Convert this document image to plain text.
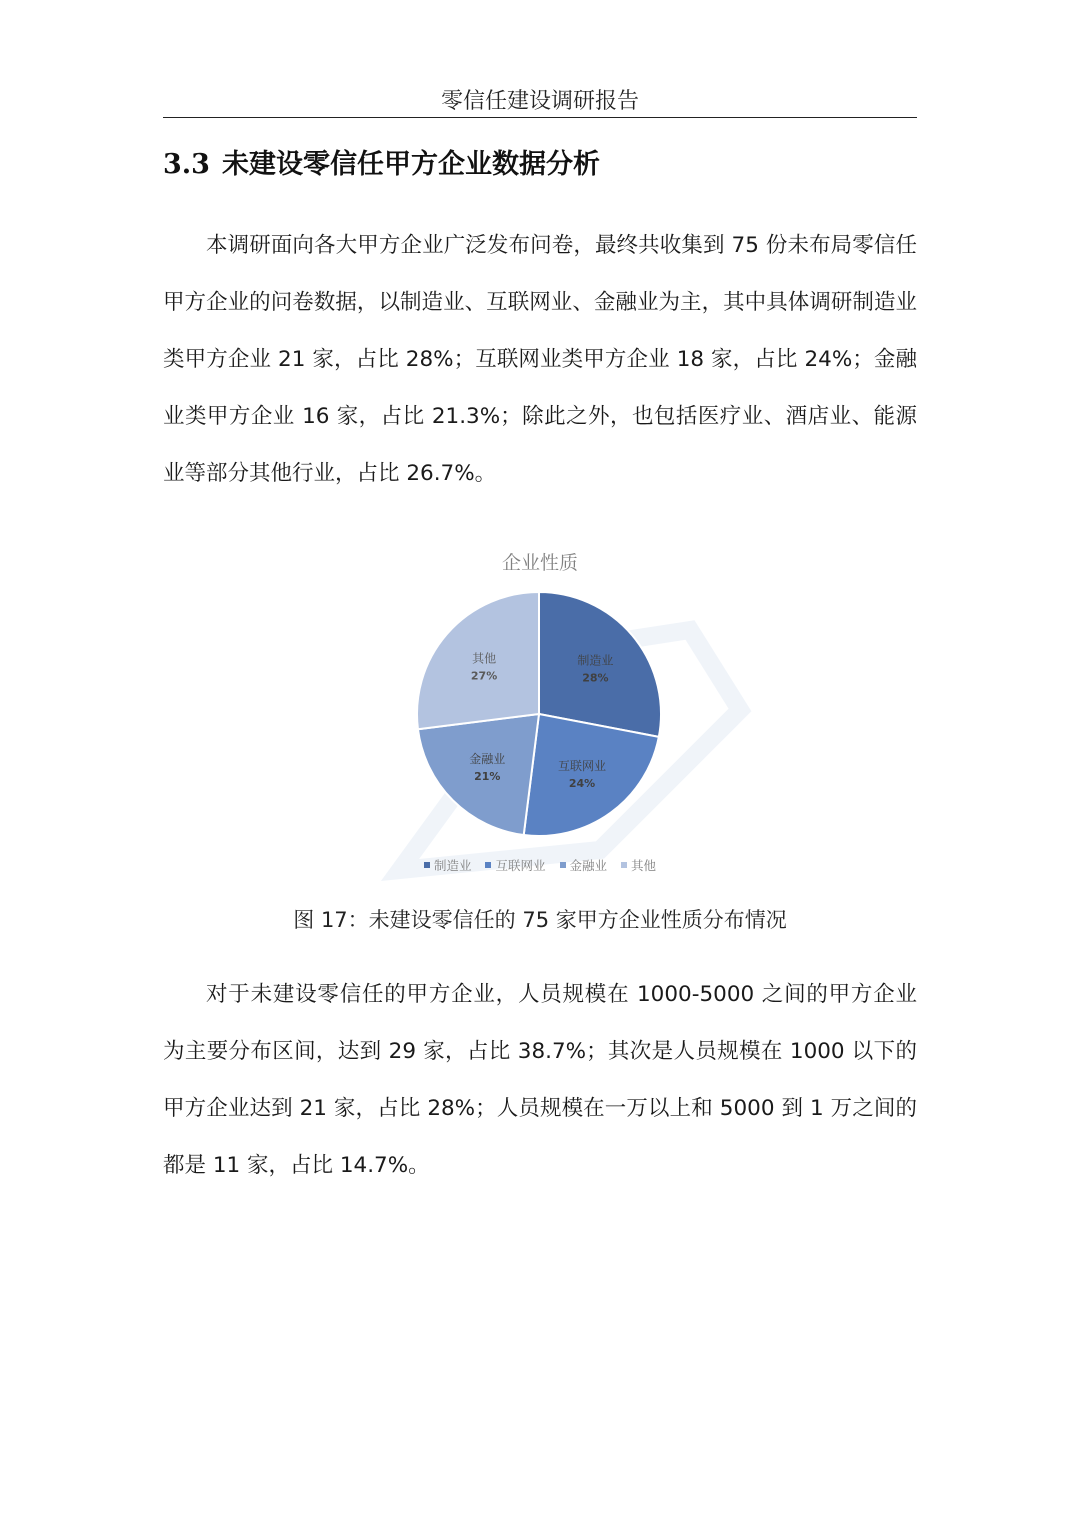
零信任建设调研报告
3.3 未建设零信任甲方企业数据分析
本调研面向各大甲方企业广泛发布问卷，最终共收集到 75 份未布局零信任甲方企业的问卷数据，以制造业、互联网业、金融业为主，其中具体调研制造业类甲方企业 21 家，占比 28%；互联网业类甲方企业 18 家，占比 24%；金融业类甲方企业 16 家，占比 21.3%；除此之外，也包括医疗业、酒店业、能源业等部分其他行业，占比 26.7%。
企业性质
制造业
28%
互联网业
24%
金融业
21%
其他
27%
制造业 互联网业 金融业 其他
图 17：未建设零信任的 75 家甲方企业性质分布情况
对于未建设零信任的甲方企业，人员规模在 1000-5000 之间的甲方企业为主要分布区间，达到 29 家，占比 38.7%；其次是人员规模在 1000 以下的甲方企业达到 21 家，占比 28%；人员规模在一万以上和 5000 到 1 万之间的都是 11 家，占比 14.7%。
